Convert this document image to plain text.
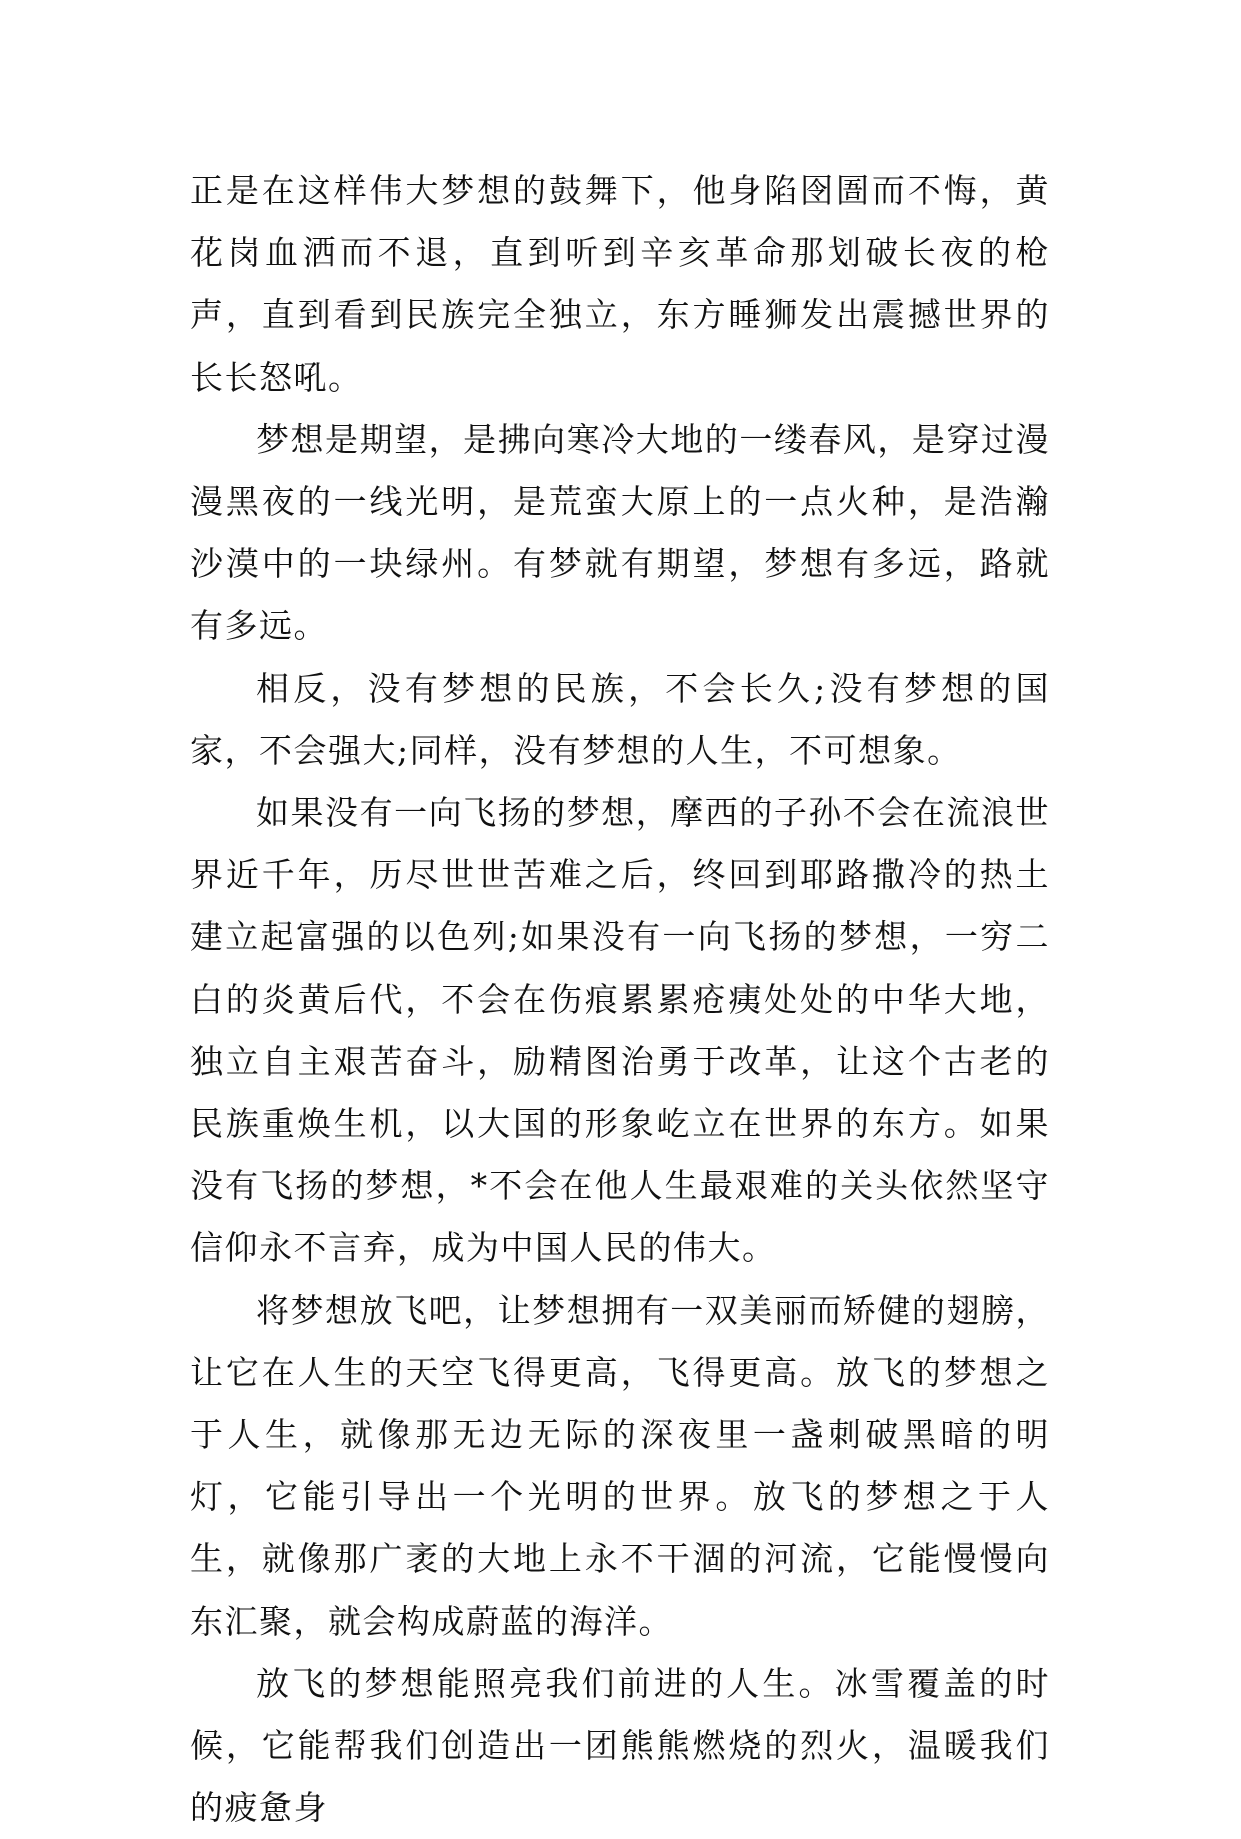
正是在这样伟大梦想的鼓舞下，他身陷囹圄而不悔，黄花岗血洒而不退，直到听到辛亥革命那划破长夜的枪声，直到看到民族完全独立，东方睡狮发出震撼世界的长长怒吼。

梦想是期望，是拂向寒冷大地的一缕春风，是穿过漫漫黑夜的一线光明，是荒蛮大原上的一点火种，是浩瀚沙漠中的一块绿州。有梦就有期望，梦想有多远，路就有多远。

相反，没有梦想的民族，不会长久;没有梦想的国家，不会强大;同样，没有梦想的人生，不可想象。

如果没有一向飞扬的梦想，摩西的子孙不会在流浪世界近千年，历尽世世苦难之后，终回到耶路撒冷的热土建立起富强的以色列;如果没有一向飞扬的梦想，一穷二白的炎黄后代，不会在伤痕累累疮痍处处的中华大地，独立自主艰苦奋斗，励精图治勇于改革，让这个古老的民族重焕生机，以大国的形象屹立在世界的东方。如果没有飞扬的梦想，*不会在他人生最艰难的关头依然坚守信仰永不言弃，成为中国人民的伟大。

将梦想放飞吧，让梦想拥有一双美丽而矫健的翅膀，让它在人生的天空飞得更高，飞得更高。放飞的梦想之于人生，就像那无边无际的深夜里一盏刺破黑暗的明灯，它能引导出一个光明的世界。放飞的梦想之于人生，就像那广袤的大地上永不干涸的河流，它能慢慢向东汇聚，就会构成蔚蓝的海洋。

放飞的梦想能照亮我们前进的人生。冰雪覆盖的时候，它能帮我们创造出一团熊熊燃烧的烈火，温暖我们的疲惫身
